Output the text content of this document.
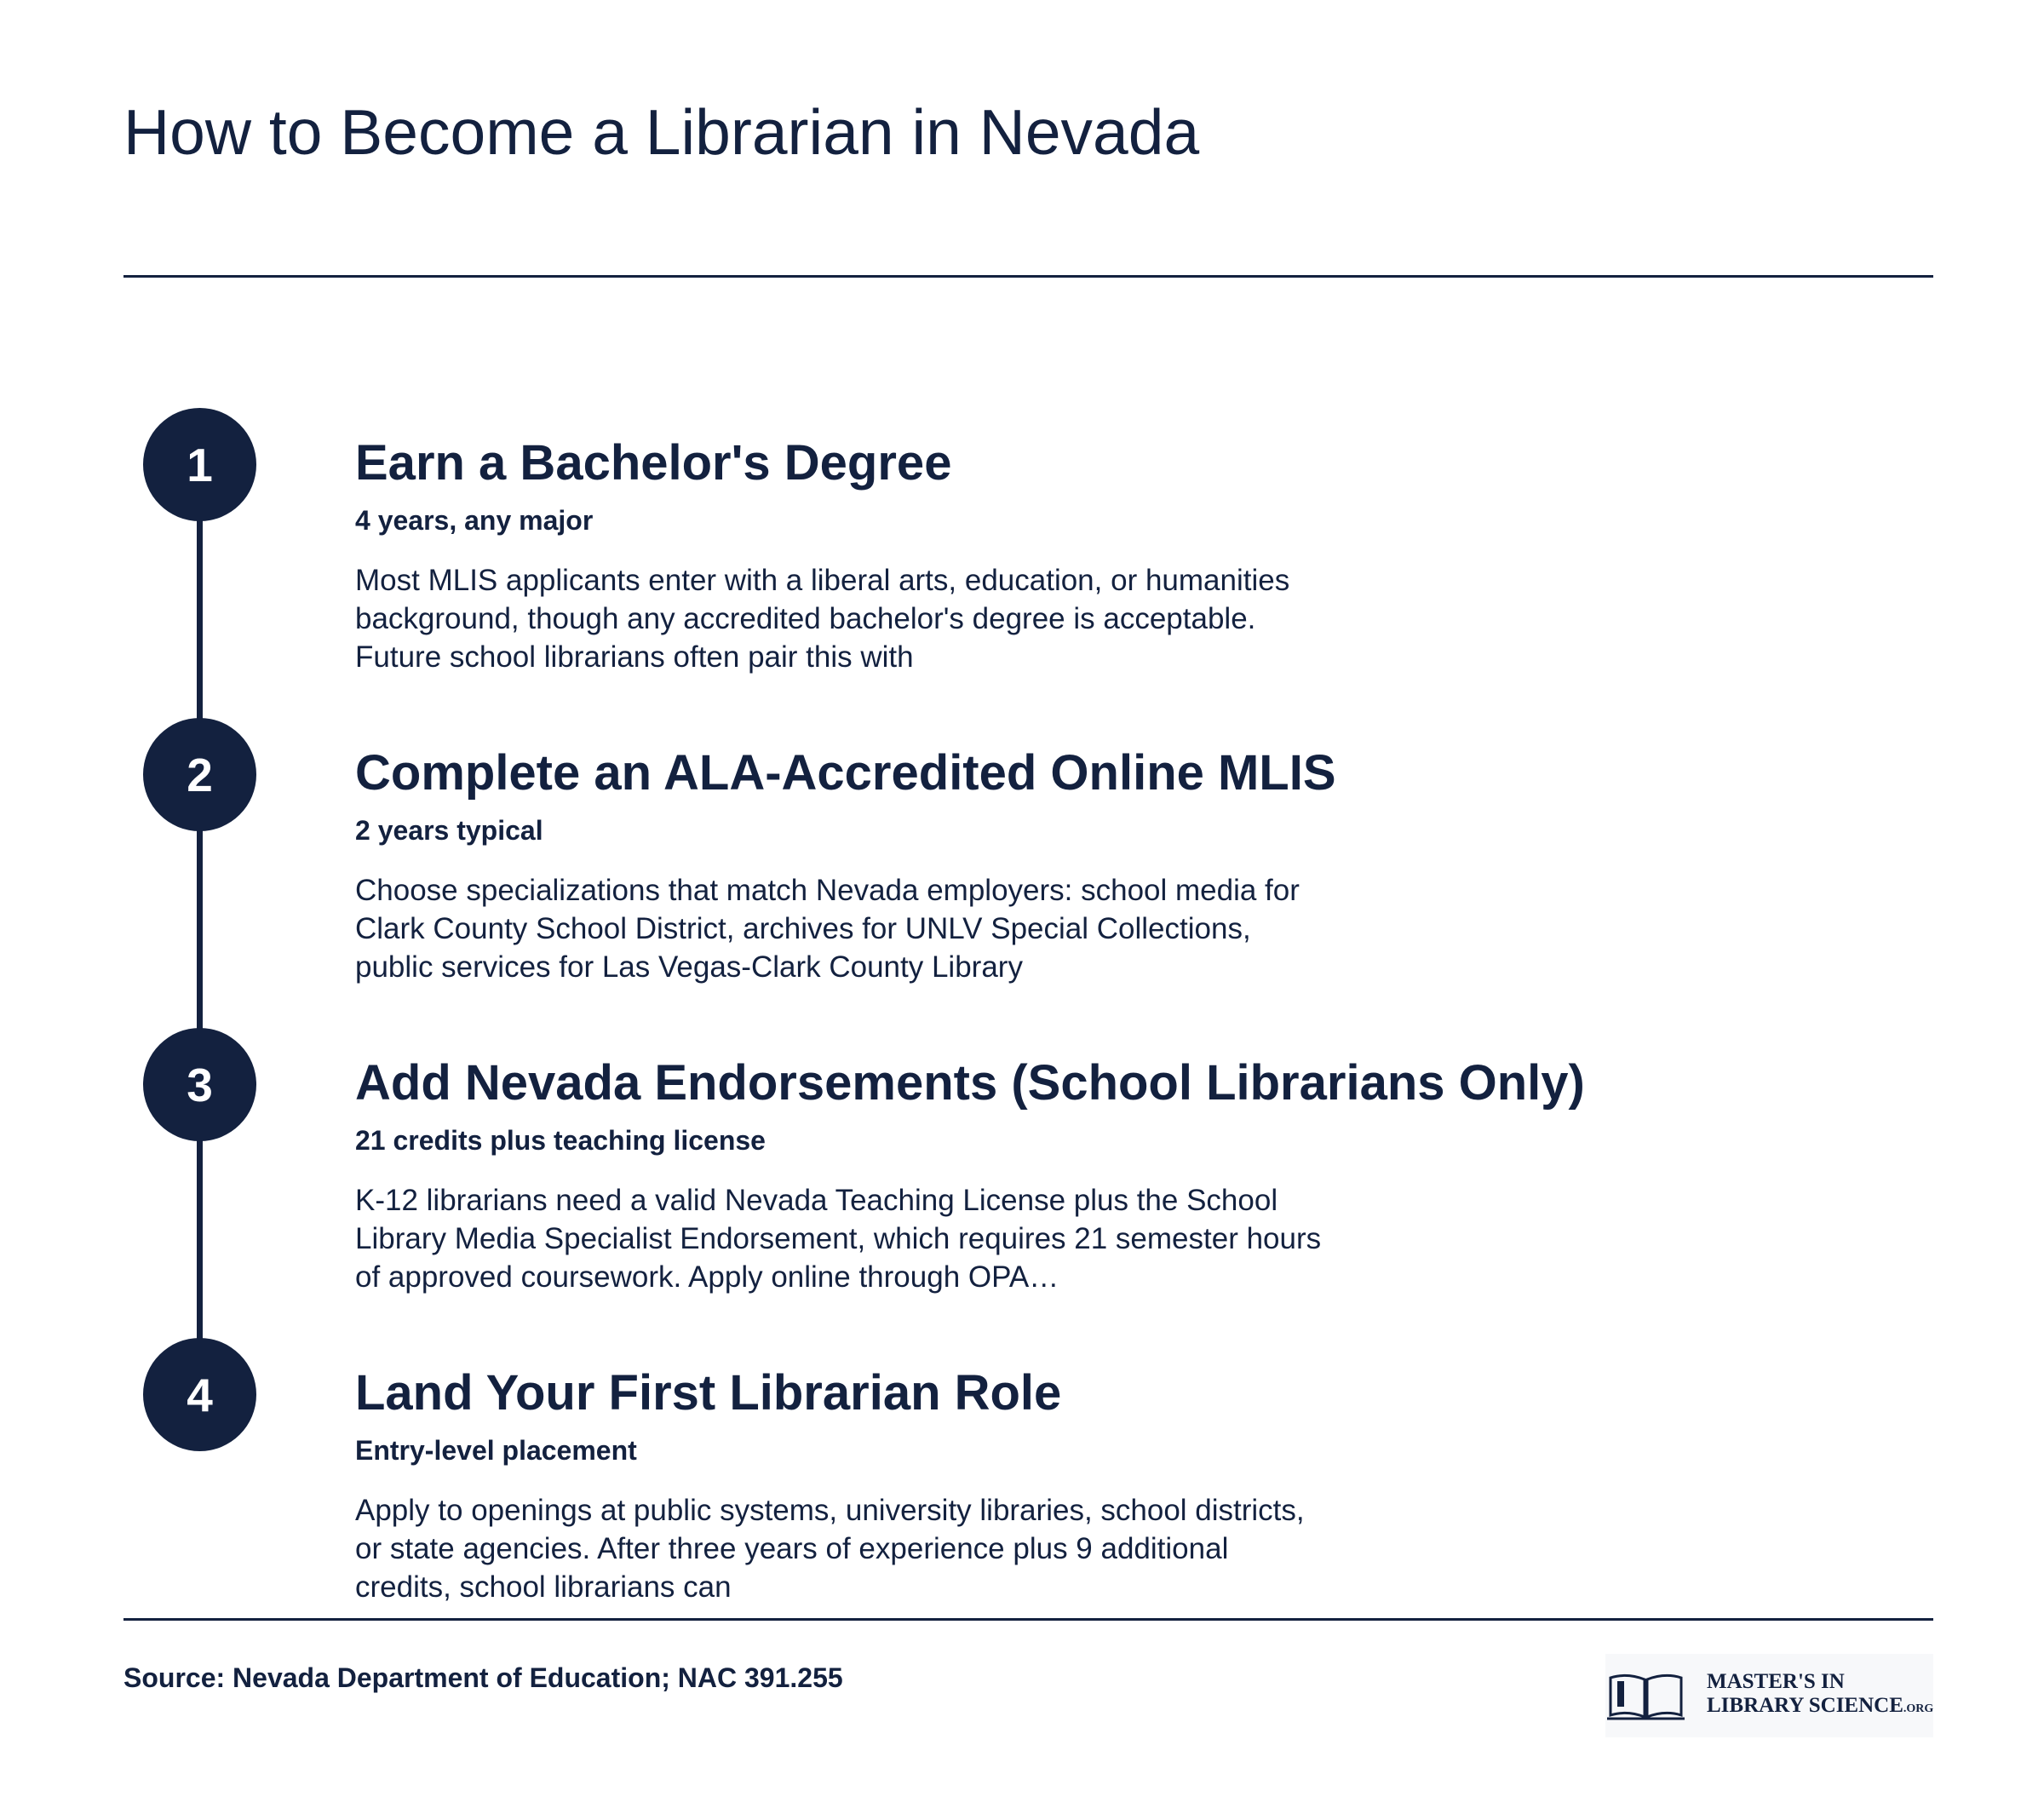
How to Become a Librarian in Nevada
1	Earn a Bachelor's Degree
4 years, any major
Most MLIS applicants enter with a liberal arts, education, or humanities background, though any accredited bachelor's degree is acceptable. Future school librarians often pair this with
2	Complete an ALA-Accredited Online MLIS
2 years typical
Choose specializations that match Nevada employers: school media for Clark County School District, archives for UNLV Special Collections, public services for Las Vegas-Clark County Library
3	Add Nevada Endorsements (School Librarians Only)
21 credits plus teaching license
K-12 librarians need a valid Nevada Teaching License plus the School Library Media Specialist Endorsement, which requires 21 semester hours of approved coursework. Apply online through OPA…
4	Land Your First Librarian Role
Entry-level placement
Apply to openings at public systems, university libraries, school districts, or state agencies. After three years of experience plus 9 additional credits, school librarians can
Source: Nevada Department of Education; NAC 391.255	MASTER'S IN
LIBRARY SCIENCE.ORG
